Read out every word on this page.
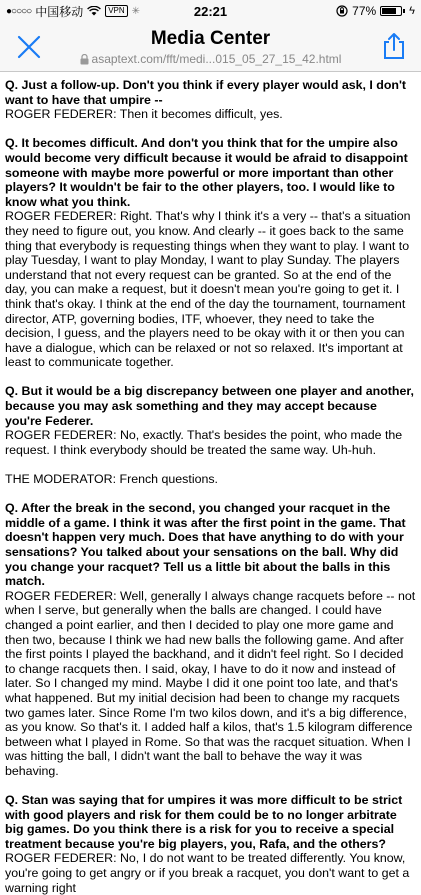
●○○○○ 中国移动	VPN ✳	22:21	77%	ϟ
Media Center
asaptext.com/fft/medi...015_05_27_15_42.html

Q. Just a follow-up. Don't you think if every player would ask, I don't want to have that umpire --
ROGER FEDERER: Then it becomes difficult, yes.

Q. It becomes difficult. And don't you think that for the umpire also would become very difficult because it would be afraid to disappoint someone with maybe more powerful or more important than other players? It wouldn't be fair to the other players, too. I would like to know what you think.
ROGER FEDERER: Right. That's why I think it's a very -- that's a situation they need to figure out, you know. And clearly -- it goes back to the same thing that everybody is requesting things when they want to play. I want to play Tuesday, I want to play Monday, I want to play Sunday. The players understand that not every request can be granted. So at the end of the day, you can make a request, but it doesn't mean you're going to get it. I think that's okay. I think at the end of the day the tournament, tournament director, ATP, governing bodies, ITF, whoever, they need to take the decision, I guess, and the players need to be okay with it or then you can have a dialogue, which can be relaxed or not so relaxed. It's important at least to communicate together.

Q. But it would be a big discrepancy between one player and another, because you may ask something and they may accept because you're Federer.
ROGER FEDERER: No, exactly. That's besides the point, who made the request. I think everybody should be treated the same way. Uh-huh.

THE MODERATOR: French questions.

Q. After the break in the second, you changed your racquet in the middle of a game. I think it was after the first point in the game. That doesn't happen very much. Does that have anything to do with your sensations? You talked about your sensations on the ball. Why did you change your racquet? Tell us a little bit about the balls in this match.
ROGER FEDERER: Well, generally I always change racquets before -- not when I serve, but generally when the balls are changed. I could have changed a point earlier, and then I decided to play one more game and then two, because I think we had new balls the following game. And after the first points I played the backhand, and it didn't feel right. So I decided to change racquets then. I said, okay, I have to do it now and instead of later. So I changed my mind. Maybe I did it one point too late, and that's what happened. But my initial decision had been to change my racquets two games later. Since Rome I'm two kilos down, and it's a big difference, as you know. So that's it. I added half a kilos, that's 1.5 kilogram difference between what I played in Rome. So that was the racquet situation. When I was hitting the ball, I didn't want the ball to behave the way it was behaving.

Q. Stan was saying that for umpires it was more difficult to be strict with good players and risk for them could be to no longer arbitrate big games. Do you think there is a risk for you to receive a special treatment because you're big players, you, Rafa, and the others?
ROGER FEDERER: No, I do not want to be treated differently. You know, you're going to get angry or if you break a racquet, you don't want to get a warning right
